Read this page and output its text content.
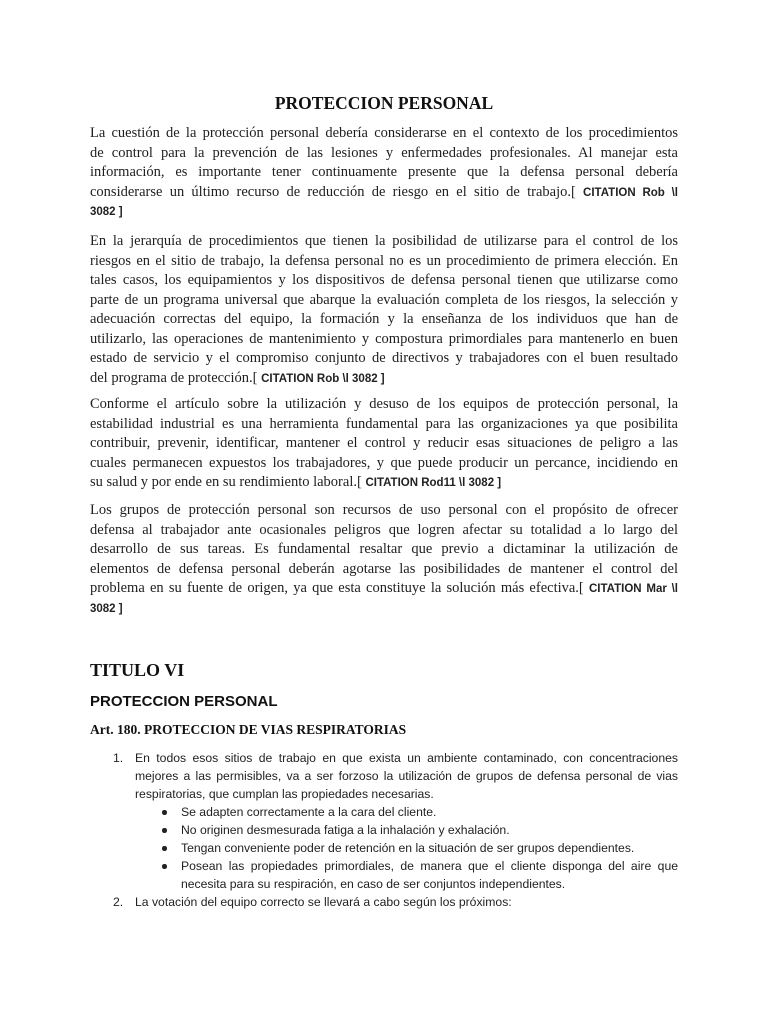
PROTECCION PERSONAL
La cuestión de la protección personal debería considerarse en el contexto de los procedimientos
de control para la prevención de las lesiones y enfermedades profesionales. Al manejar esta
información, es importante tener continuamente presente que la defensa personal debería
considerarse un último recurso de reducción de riesgo en el sitio de trabajo.[ CITATION Rob \l
3082 ]
En la jerarquía de procedimientos que tienen la posibilidad de utilizarse para el control de los
riesgos en el sitio de trabajo, la defensa personal no es un procedimiento de primera elección. En
tales casos, los equipamientos y los dispositivos de defensa personal tienen que utilizarse como
parte de un programa universal que abarque la evaluación completa de los riesgos, la selección y
adecuación correctas del equipo, la formación y la enseñanza de los individuos que han de
utilizarlo, las operaciones de mantenimiento y compostura primordiales para mantenerlo en buen
estado de servicio y el compromiso conjunto de directivos y trabajadores con el buen resultado
del programa de protección.[ CITATION Rob \l 3082 ]
Conforme el artículo sobre la utilización y desuso de los equipos de protección personal, la
estabilidad industrial es una herramienta fundamental para las organizaciones ya que posibilita
contribuir, prevenir, identificar, mantener el control y reducir esas situaciones de peligro a las
cuales permanecen expuestos los trabajadores, y que puede producir un percance, incidiendo en
su salud y por ende en su rendimiento laboral.[ CITATION Rod11 \l 3082 ]
Los grupos de protección personal son recursos de uso personal con el propósito de ofrecer
defensa al trabajador ante ocasionales peligros que logren afectar su totalidad a lo largo del
desarrollo de sus tareas. Es fundamental resaltar que previo a dictaminar la utilización de
elementos de defensa personal deberán agotarse las posibilidades de mantener el control del
problema en su fuente de origen, ya que esta constituye la solución más efectiva.[ CITATION Mar \l
3082 ]
TITULO VI
PROTECCION PERSONAL
Art. 180. PROTECCION DE VIAS RESPIRATORIAS
1. En todos esos sitios de trabajo en que exista un ambiente contaminado, con concentraciones
mejores a las permisibles, va a ser forzoso la utilización de grupos de defensa personal de vias
respiratorias, que cumplan las propiedades necesarias.
Se adapten correctamente a la cara del cliente.
No originen desmesurada fatiga a la inhalación y exhalación.
Tengan conveniente poder de retención en la situación de ser grupos dependientes.
Posean las propiedades primordiales, de manera que el cliente disponga del aire que
necesita para su respiración, en caso de ser conjuntos independientes.
2. La votación del equipo correcto se llevará a cabo según los próximos:
